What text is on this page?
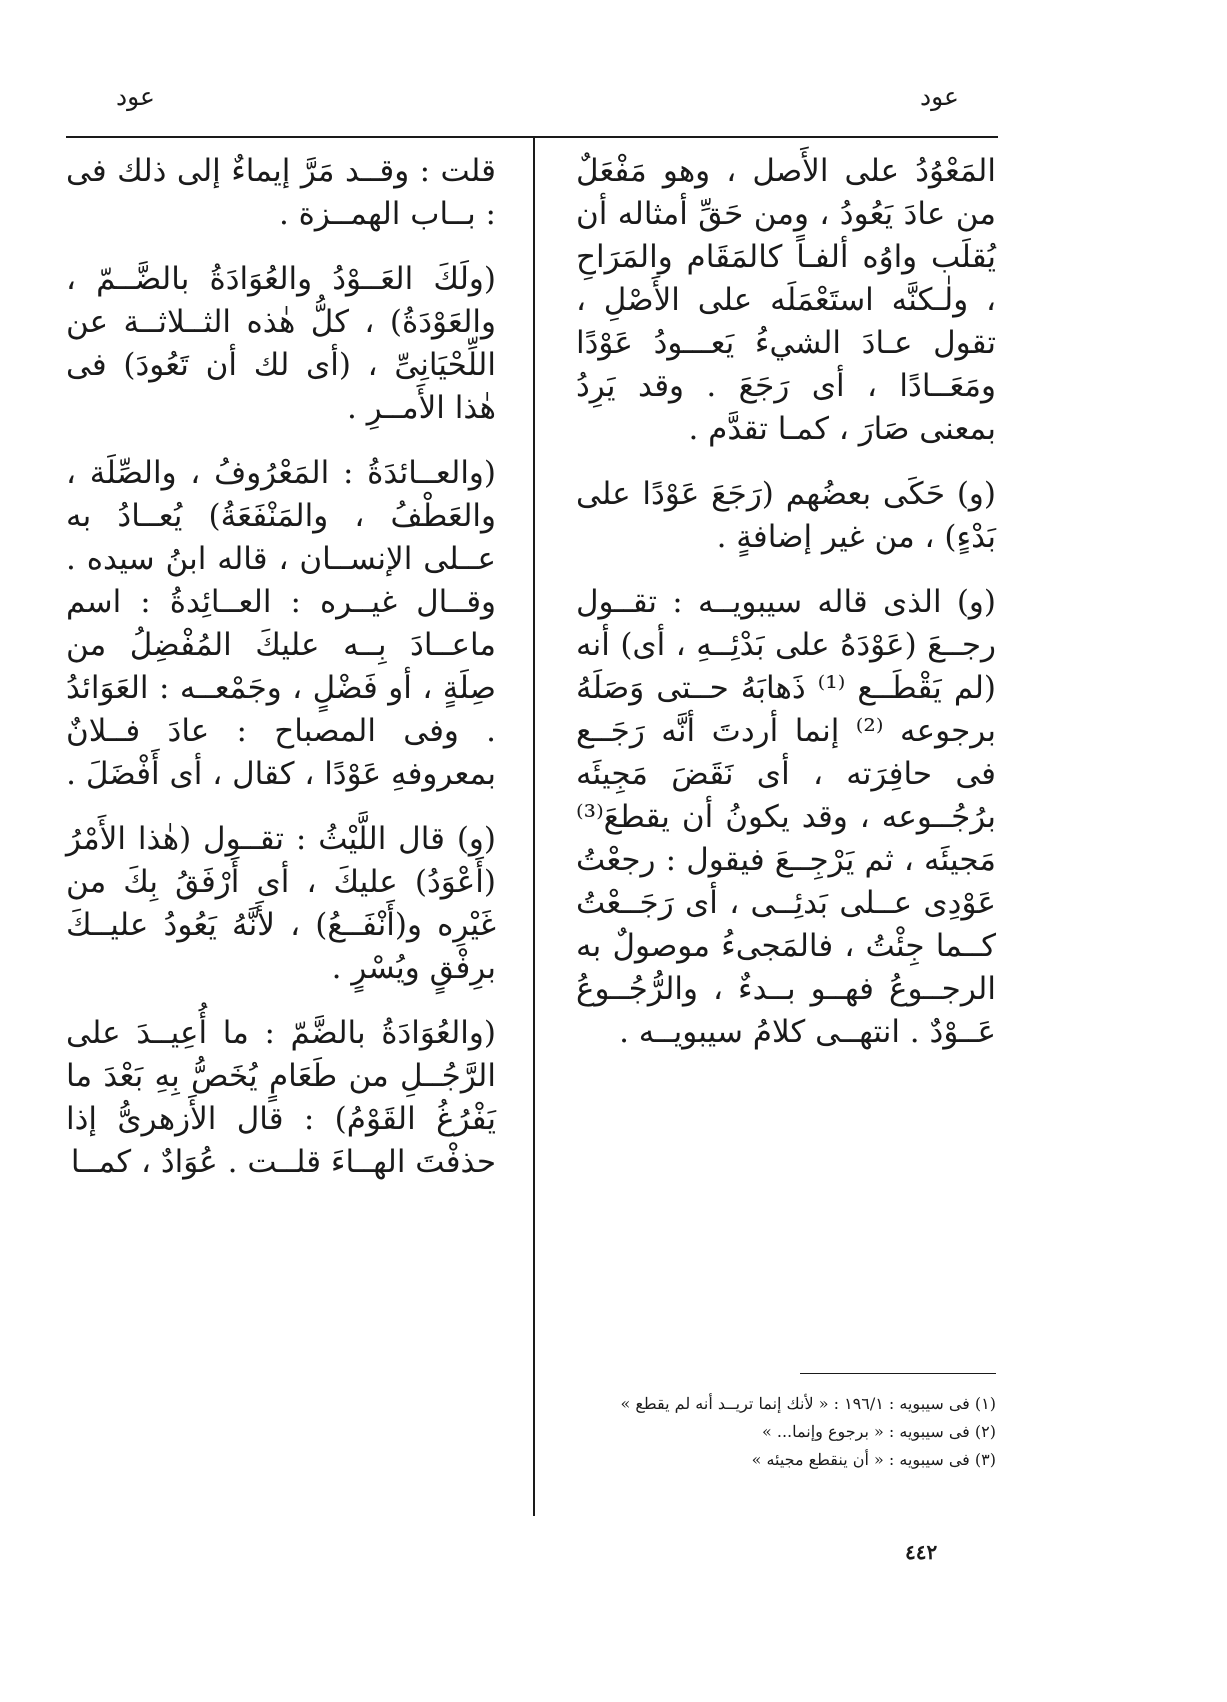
عود
عود

المَعْوُدُ على الأَصل ، وهو مَفْعَلٌ من عادَ يَعُودُ ، ومن حَقِّ أمثاله أن يُقلَب واوُه ألفـاً كالمَقَام والمَرَاحِ ، ولٰـكنَّه استَعْمَلَه على الأَصْلِ ، تقول عـادَ الشيءُ يَعـــودُ عَوْدًا ومَعَــادًا ، أى رَجَعَ . وقد يَرِدُ بمعنى صَارَ ، كمـا تقدَّم .

(و) حَكَى بعضُهم (رَجَعَ عَوْدًا على بَدْءٍ) ، من غير إضافةٍ .

(و) الذى قاله سيبويــه : تقــول رجــعَ (عَوْدَهُ على بَدْئِــهِ ، أى) أنه (لم يَقْطَــع ⁽¹⁾ ذَهابَهُ حــتى وَصَلَهُ برجوعه ⁽²⁾ إنما أردتَ أنَّه رَجَــع فى حافِرَته ، أى نَقَضَ مَجِيئَه برُجُــوعه ، وقد يكونُ أن يقطعَ⁽³⁾ مَجيئَه ، ثم يَرْجِــعَ فيقول : رجعْتُ عَوْدِى عــلى بَدئِــى ، أى رَجَــعْتُ كــما جِئْتُ ، فالمَجىءُ موصولٌ به الرجــوعُ فهــو بــدءٌ ، والرُّجُــوعُ عَــوْدٌ . انتهــى كلامُ سيبويــه .

قلت : وقــد مَرَّ إيماءٌ إلى ذلك فى : بــاب الهمــزة .

(ولَكَ العَــوْدُ والعُوَادَةُ بالضَّــمّ ، والعَوْدَةُ) ، كلُّ هٰذه الثــلاثــة عن اللِّحْيَانِىِّ ، (أى لك أن تَعُودَ) فى هٰذا الأَمــرِ .

(والعــائدَةُ : المَعْرُوفُ ، والصِّلَة ، والعَطْفُ ، والمَنْفَعَةُ) يُعــادُ به عــلى الإنســان ، قاله ابنُ سيده . وقــال غيــره : العــائِدةُ : اسم ماعــادَ بِــه عليكَ المُفْضِلُ من صِلَةٍ ، أو فَضْلٍ ، وجَمْعــه : العَوَائدُ . وفى المصباح : عادَ فــلانٌ بمعروفهِ عَوْدًا ، كقال ، أى أَفْضَلَ .

(و) قال اللَّيْثُ : تقــول (هٰذا الأَمْرُ (أَعْوَدُ) عليكَ ، أى أَرْفَقُ بِكَ من غَيْرِه و(أَنْفَــعُ) ، لأَنَّهُ يَعُودُ عليــكَ برِفْقٍ ويُسْرٍ .

(والعُوَادَةُ بالضَّمّ : ما أُعِيــدَ على الرَّجُــلِ من طَعَامٍ يُخَصُّ بِهِ بَعْدَ ما يَفْرُغُ القَوْمُ) : قال الأَزهرىُّ إذا حذفْتَ الهــاءَ قلــت . عُوَادٌ ، كمــا

(١) فى سيبويه : ١٩٦/١ : « لأنك إنما تريــد أنه لم يقطع »
(٢) فى سيبويه : « برجوع وإنما... »
(٣) فى سيبويه : « أن ينقطع مجيئه »
٤٤٢
